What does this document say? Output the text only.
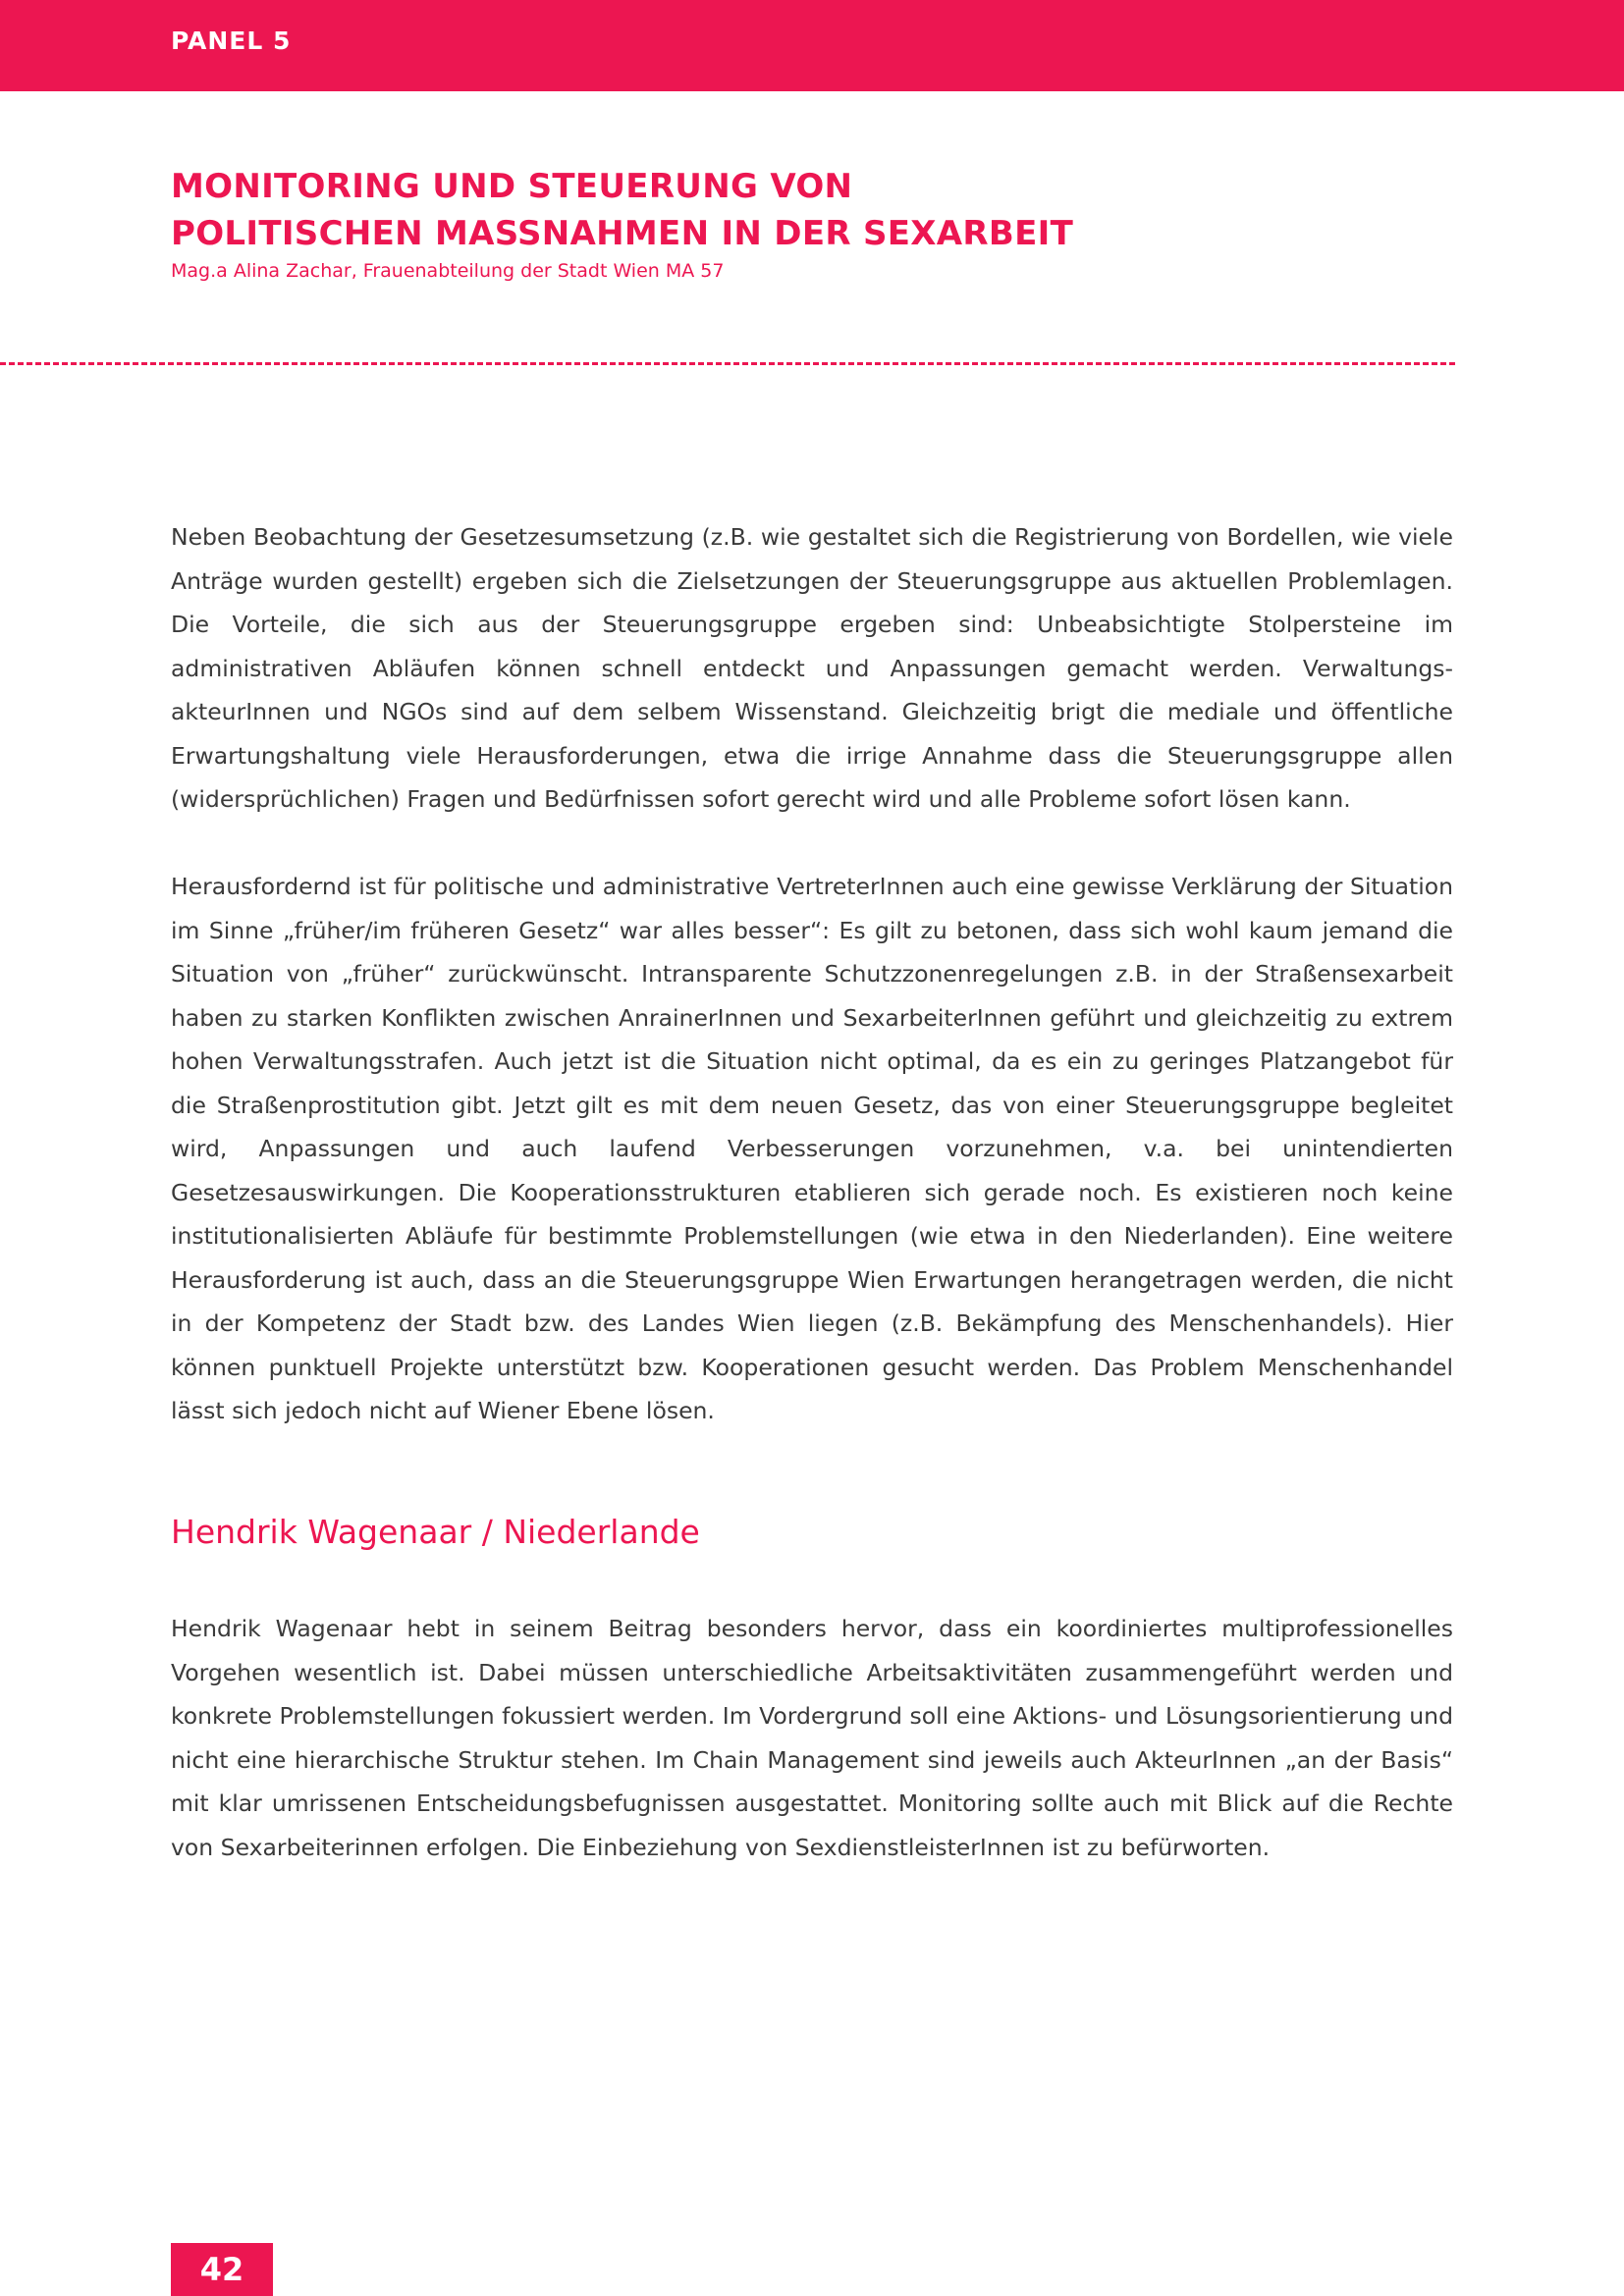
PANEL 5
MONITORING UND STEUERUNG VON
POLITISCHEN MASSNAHMEN IN DER SEXARBEIT
Mag.a Alina Zachar, Frauenabteilung der Stadt Wien MA 57

Neben Beobachtung der Gesetzesumsetzung (z.B. wie gestaltet sich die Registrierung von Bordellen, wie viele Anträge wurden gestellt) ergeben sich die Zielsetzungen der Steuerungsgruppe aus aktuellen Problemlagen. Die Vorteile, die sich aus der Steuerungsgruppe ergeben sind: Unbeabsichtigte Stolpersteine im administrativen Abläufen können schnell entdeckt und Anpassungen gemacht werden. VerwaltungsakteurInnen und NGOs sind auf dem selbem Wissenstand. Gleichzeitig brigt die mediale und öffentliche Erwartungshaltung viele Herausforderungen, etwa die irrige Annahme dass die Steuerungsgruppe allen (widersprüchlichen) Fragen und Bedürfnissen sofort gerecht wird und alle Probleme sofort lösen kann.

Herausfordernd ist für politische und administrative VertreterInnen auch eine gewisse Verklärung der Situation im Sinne „früher/im früheren Gesetz“ war alles besser“: Es gilt zu betonen, dass sich wohl kaum jemand die Situation von „früher“ zurückwünscht. Intransparente Schutzzonenregelungen z.B. in der Straßensexarbeit haben zu starken Konflikten zwischen AnrainerInnen und SexarbeiterInnen geführt und gleichzeitig zu extrem hohen Verwaltungsstrafen. Auch jetzt ist die Situation nicht optimal, da es ein zu geringes Platzangebot für die Straßenprostitution gibt. Jetzt gilt es mit dem neuen Gesetz, das von einer Steuerungsgruppe begleitet wird, Anpassungen und auch laufend Verbesserungen vorzunehmen, v.a. bei unintendierten Gesetzesauswirkungen. Die Kooperationsstrukturen etablieren sich gerade noch. Es existieren noch keine institutionalisierten Abläufe für bestimmte Problemstellungen (wie etwa in den Niederlanden). Eine weitere Herausforderung ist auch, dass an die Steuerungsgruppe Wien Erwartungen herangetragen werden, die nicht in der Kompetenz der Stadt bzw. des Landes Wien liegen (z.B. Bekämpfung des Menschenhandels). Hier können punktuell Projekte unterstützt bzw. Kooperationen gesucht werden. Das Problem Menschenhandel lässt sich jedoch nicht auf Wiener Ebene lösen.

Hendrik Wagenaar / Niederlande

Hendrik Wagenaar hebt in seinem Beitrag besonders hervor, dass ein koordiniertes multiprofessionelles Vorgehen wesentlich ist. Dabei müssen unterschiedliche Arbeitsaktivitäten zusammengeführt werden und konkrete Problemstellungen fokussiert werden. Im Vordergrund soll eine Aktions- und Lösungsorientierung und nicht eine hierarchische Struktur stehen. Im Chain Management sind jeweils auch AkteurInnen „an der Basis“ mit klar umrissenen Entscheidungsbefugnissen ausgestattet. Monitoring sollte auch mit Blick auf die Rechte von Sexarbeiterinnen erfolgen. Die Einbeziehung von SexdienstleisterInnen ist zu befürworten.

42
